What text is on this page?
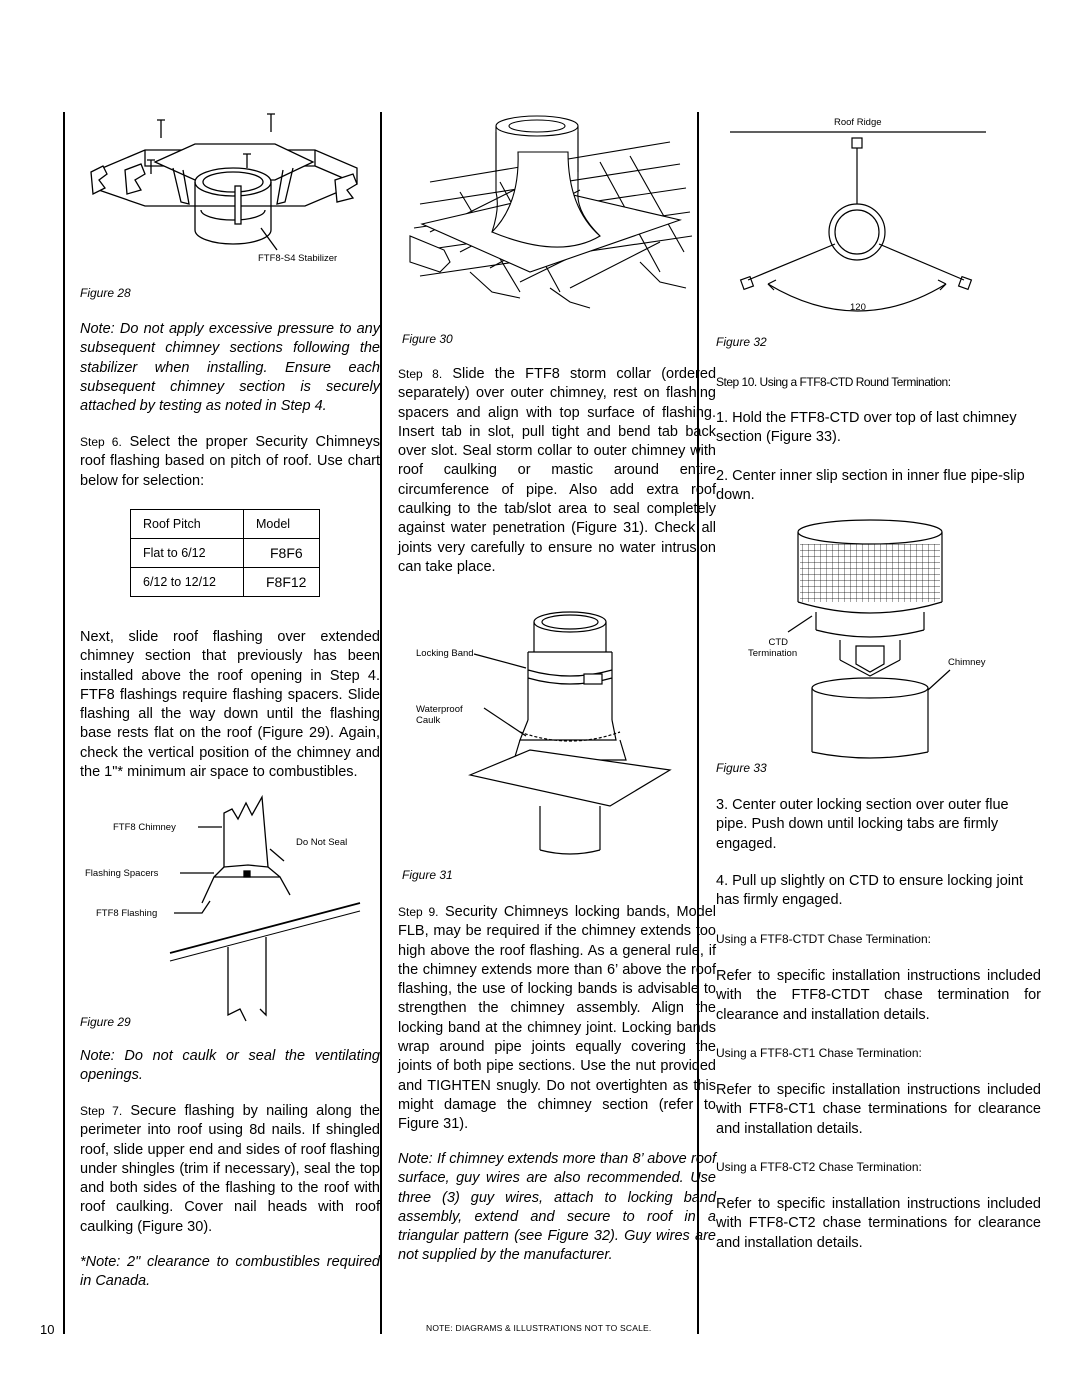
FTF8-S4 Stabilizer
Figure 28
Note: Do not apply excessive pressure to any subsequent chimney sections following the stabilizer when installing. Ensure each subsequent chimney section is securely attached by testing as noted in Step 4.
Step 6. Select the proper Security Chimneys roof flashing based on pitch of roof. Use chart below for selection:
Roof Pitch	Model
Flat to 6/12	F8F6
6/12 to 12/12	F8F12
Next, slide roof flashing over extended chimney section that previously has been installed above the roof opening in Step 4. FTF8 flashings require flashing spacers. Slide flashing all the way down until the flashing base rests flat on the roof (Figure 29). Again, check the vertical position of the chimney and the 1"* minimum air space to combustibles.
FTF8 Chimney
Do Not Seal
Flashing Spacers
FTF8 Flashing
Figure 29
Note: Do not caulk or seal the ventilating openings.
Step 7. Secure flashing by nailing along the perimeter into roof using 8d nails. If shingled roof, slide upper end and sides of roof flashing under shingles (trim if necessary), seal the top and both sides of the flashing to the roof with roof caulking. Cover nail heads with roof caulking (Figure 30).
*Note: 2" clearance to combustibles required in Canada.
10
Figure 30
Step 8. Slide the FTF8 storm collar (ordered separately) over outer chimney, rest on flashing spacers and align with top surface of flashing. Insert tab in slot, pull tight and bend tab back over slot. Seal storm collar to outer chimney with roof caulking or mastic around entire circumference of pipe. Also add extra roof caulking to the tab/slot area to seal completely against water penetration (Figure 31). Check all joints very carefully to ensure no water intrusion can take place.
Locking Band
Waterproof Caulk
Figure 31
Step 9. Security Chimneys locking bands, Model FLB, may be required if the chimney extends too high above the roof flashing. As a general rule, if the chimney extends more than 6’ above the roof flashing, the use of locking bands is advisable to strengthen the chimney assembly. Align the locking band at the chimney joint. Locking bands wrap around pipe joints equally covering the joints of both pipe sections. Use the nut provided and TIGHTEN snugly. Do not overtighten as this might damage the chimney section (refer to Figure 31).
Note: If chimney extends more than 8’ above roof surface, guy wires are also recommended. Use three (3) guy wires, attach to locking band assembly, extend and secure to roof in a triangular pattern (see Figure 32). Guy wires are not supplied by the manufacturer.
NOTE: DIAGRAMS & ILLUSTRATIONS NOT TO SCALE.
Roof Ridge
120
Figure 32
Step 10. Using a FTF8-CTD Round Termination:
1. Hold the FTF8-CTD over top of last chimney section (Figure 33).
2. Center inner slip section in inner flue pipe-slip down.
CTD Termination
Chimney
Figure 33
3. Center outer locking section over outer flue pipe. Push down until locking tabs are firmly engaged.
4. Pull up slightly on CTD to ensure locking joint has firmly engaged.
Using a FTF8-CTDT Chase Termination:
Refer to specific installation instructions included with the FTF8-CTDT chase termination for clearance and installation details.
Using a FTF8-CT1 Chase Termination:
Refer to specific installation instructions included with FTF8-CT1 chase terminations for clearance and installation details.
Using a FTF8-CT2 Chase Termination:
Refer to specific installation instructions included with FTF8-CT2 chase terminations for clearance and installation details.
